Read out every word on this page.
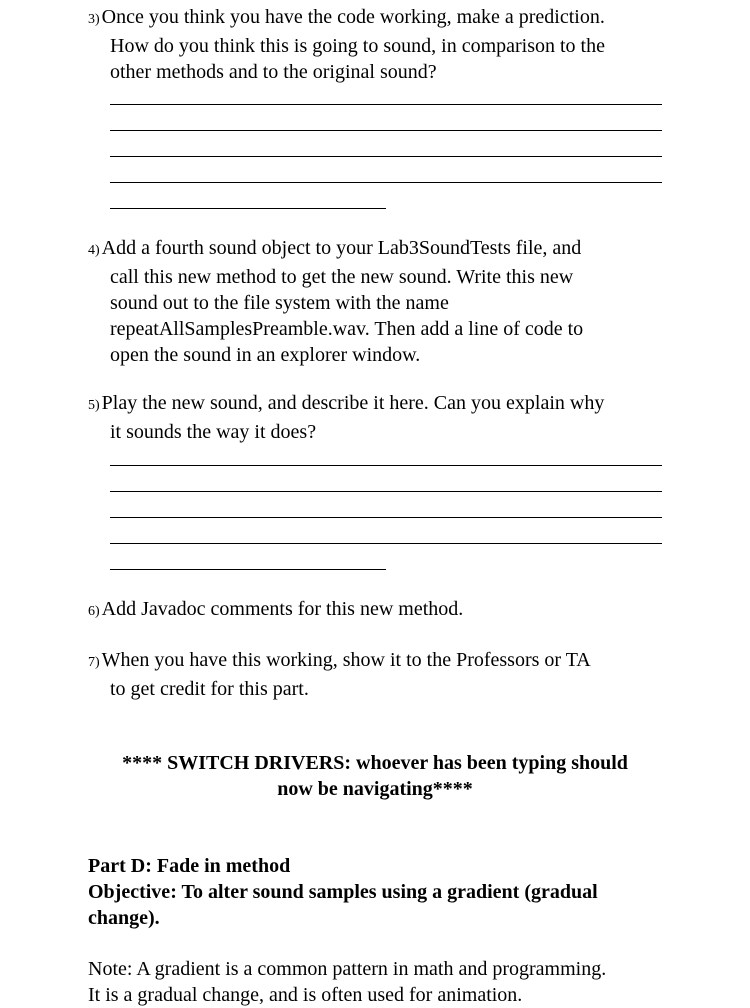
3) Once you think you have the code working, make a prediction.
How do you think this is going to sound, in comparison to the
other methods and to the original sound?
4) Add a fourth sound object to your Lab3SoundTests file, and
call this new method to get the new sound. Write this new
sound out to the file system with the name
repeatAllSamplesPreamble.wav. Then add a line of code to
open the sound in an explorer window.
5) Play the new sound, and describe it here. Can you explain why
it sounds the way it does?
6) Add Javadoc comments for this new method.
7) When you have this working, show it to the Professors or TA
to get credit for this part.
**** SWITCH DRIVERS: whoever has been typing should
now be navigating****
Part D: Fade in method
Objective: To alter sound samples using a gradient (gradual
change).
Note: A gradient is a common pattern in math and programming.
It is a gradual change, and is often used for animation.
